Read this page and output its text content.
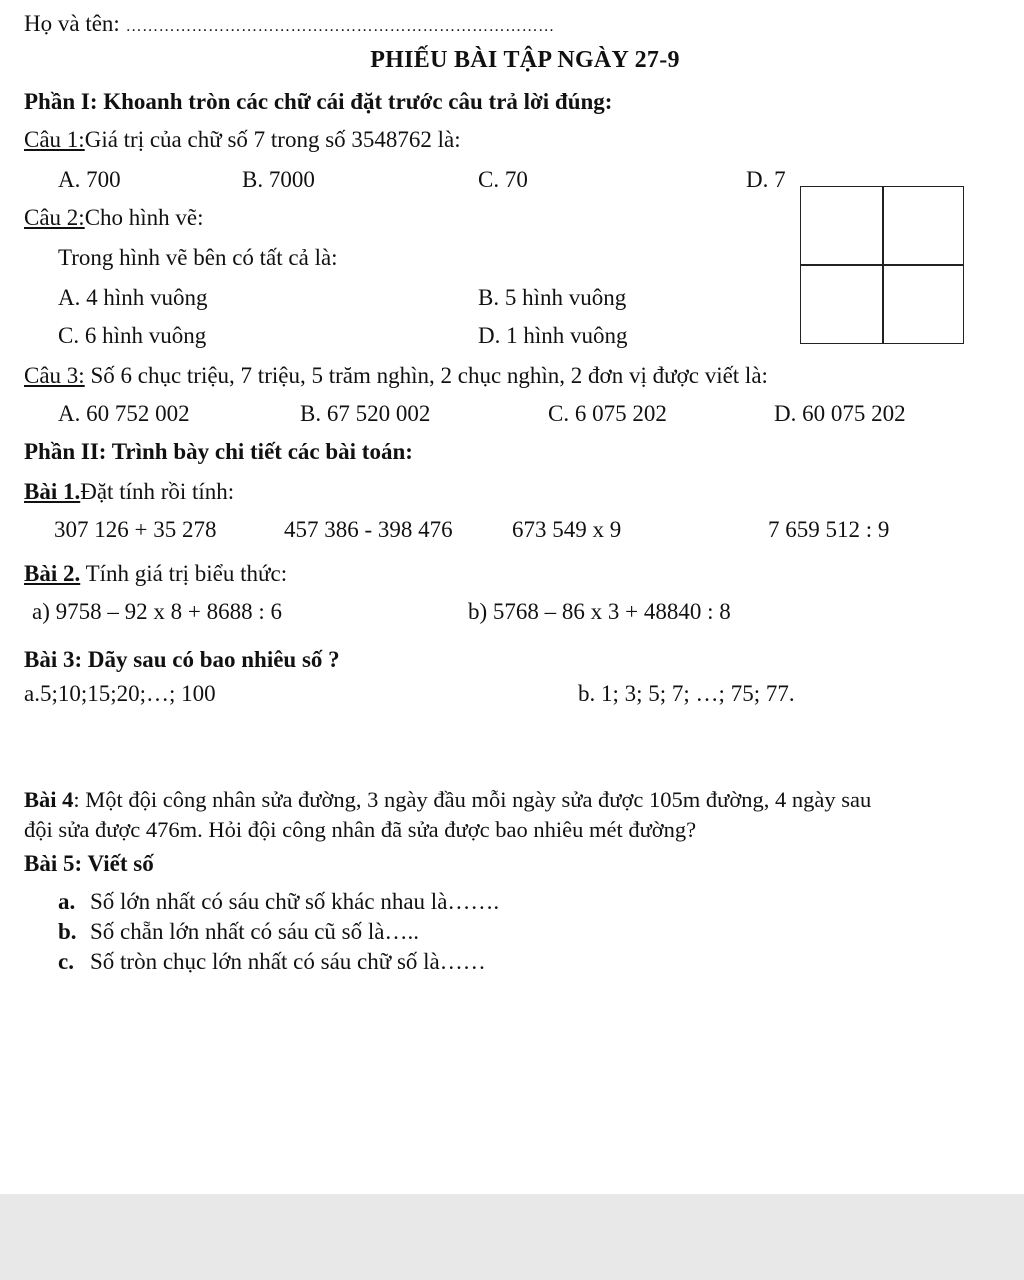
Họ và tên: ……………………………………………………………………
PHIẾU BÀI TẬP NGÀY 27-9
Phần I: Khoanh tròn các chữ cái đặt trước câu trả lời đúng:
Câu 1:Giá trị của chữ số 7 trong số 3548762 là:
A. 700	B. 7000	C. 70	D. 7
Câu 2:Cho hình vẽ:
Trong hình vẽ bên có tất cả là:
A. 4 hình vuông	B. 5 hình vuông
C. 6 hình vuông	D. 1 hình vuông
Câu 3: Số 6 chục triệu, 7 triệu, 5 trăm nghìn, 2 chục nghìn, 2 đơn vị được viết là:
A. 60 752 002	B. 67 520 002	C. 6 075 202	D. 60 075 202
Phần II: Trình bày chi tiết các bài toán:
Bài 1.Đặt tính rồi tính:
307 126 + 35 278	457 386 - 398 476	673 549 x 9	7 659 512 : 9
Bài 2. Tính giá trị biểu thức:
a) 9758 – 92 x 8 + 8688 : 6	b) 5768 – 86 x 3 + 48840 : 8
Bài 3: Dãy sau có bao nhiêu số ?
a.5;10;15;20;…; 100	b. 1; 3; 5; 7; …; 75; 77.
Bài 4: Một đội công nhân sửa đường, 3 ngày đầu mỗi ngày sửa được 105m đường, 4 ngày sau
đội sửa được 476m. Hỏi đội công nhân đã sửa được bao nhiêu mét đường?
Bài 5: Viết số
a. Số lớn nhất có sáu chữ số khác nhau là…….
b. Số chẵn lớn nhất có sáu cũ số là…..
c. Số tròn chục lớn nhất có sáu chữ số là……
